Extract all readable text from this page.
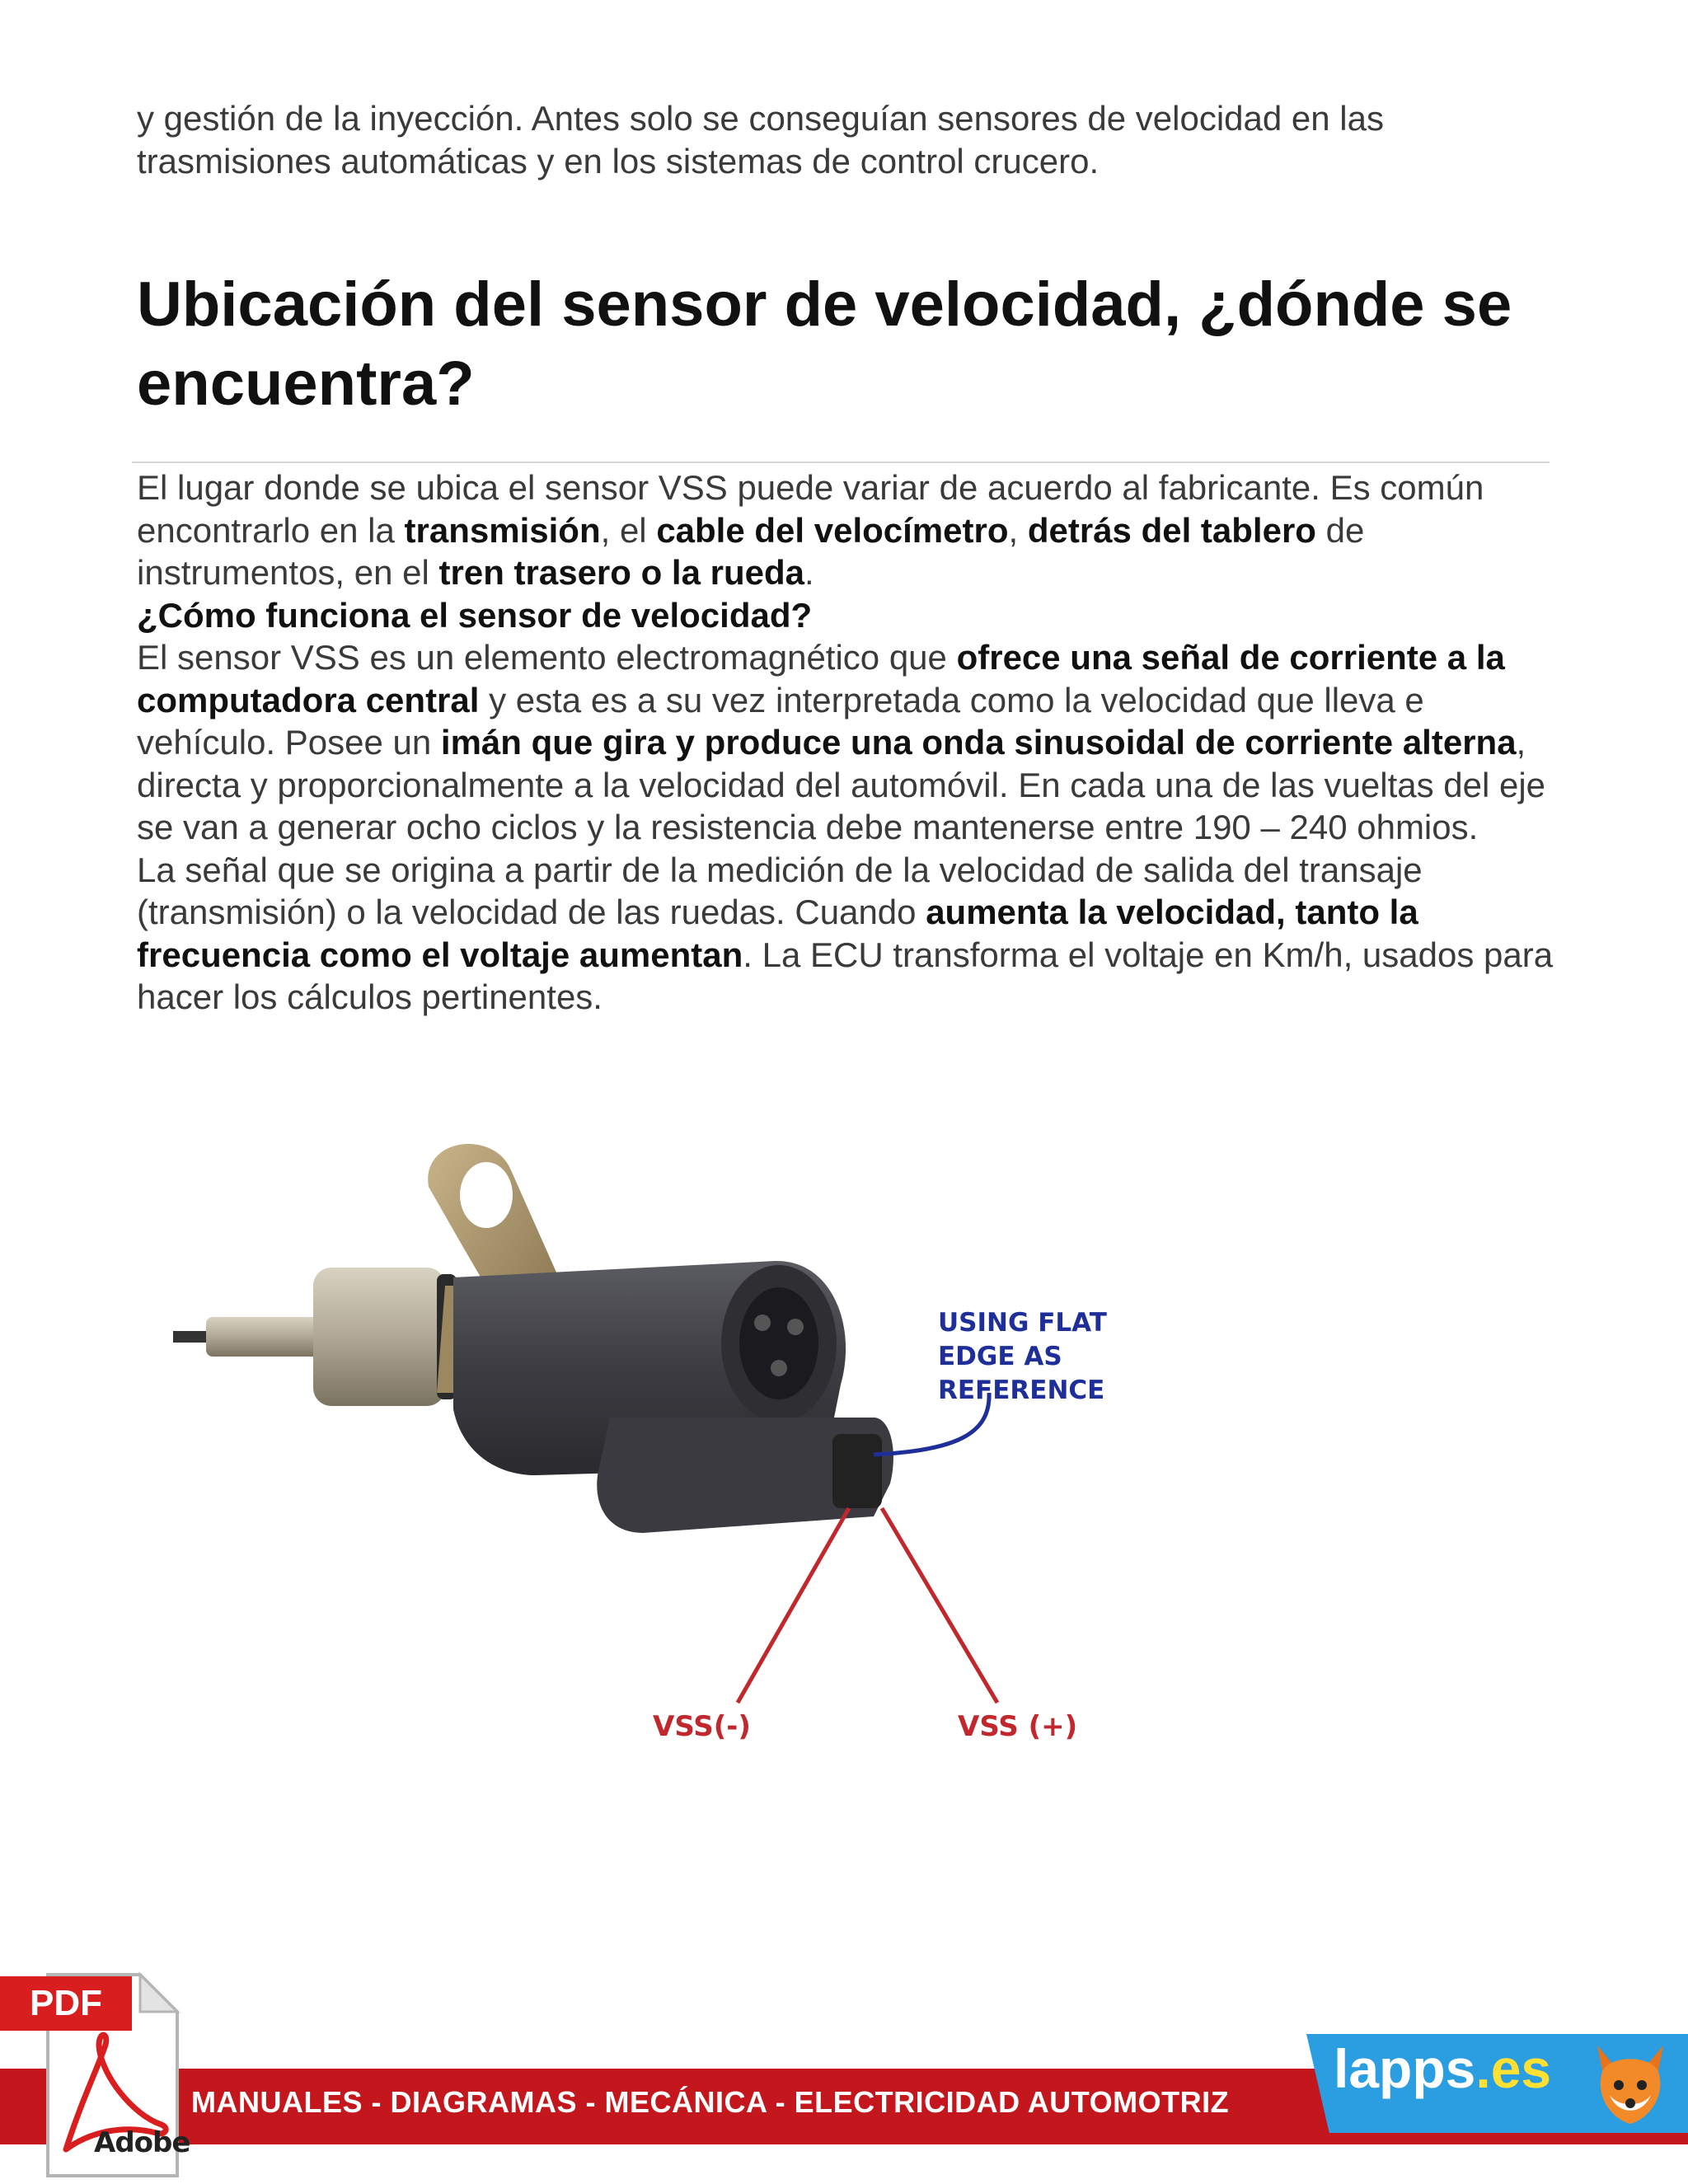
y gestión de la inyección. Antes solo se conseguían sensores de velocidad en las trasmisiones automáticas y en los sistemas de control crucero.

Ubicación del sensor de velocidad, ¿dónde se encuentra?
El lugar donde se ubica el sensor VSS puede variar de acuerdo al fabricante. Es común encontrarlo en la transmisión, el cable del velocímetro, detrás del tablero de instrumentos, en el tren trasero o la rueda.
¿Cómo funciona el sensor de velocidad?
El sensor VSS es un elemento electromagnético que ofrece una señal de corriente a la computadora central y esta es a su vez interpretada como la velocidad que lleva e vehículo. Posee un imán que gira y produce una onda sinusoidal de corriente alterna, directa y proporcionalmente a la velocidad del automóvil. En cada una de las vueltas del eje se van a generar ocho ciclos y la resistencia debe mantenerse entre 190 – 240 ohmios.
La señal que se origina a partir de la medición de la velocidad de salida del transaje (transmisión) o la velocidad de las ruedas. Cuando aumenta la velocidad, tanto la frecuencia como el voltaje aumentan. La ECU transforma el voltaje en Km/h, usados para hacer los cálculos pertinentes.
USING FLAT
EDGE AS
REFERENCE
VSS(-)	VSS (+)
MANUALES - DIAGRAMAS - MECÁNICA - ELECTRICIDAD AUTOMOTRIZ
lapps.es
PDF
Adobe
